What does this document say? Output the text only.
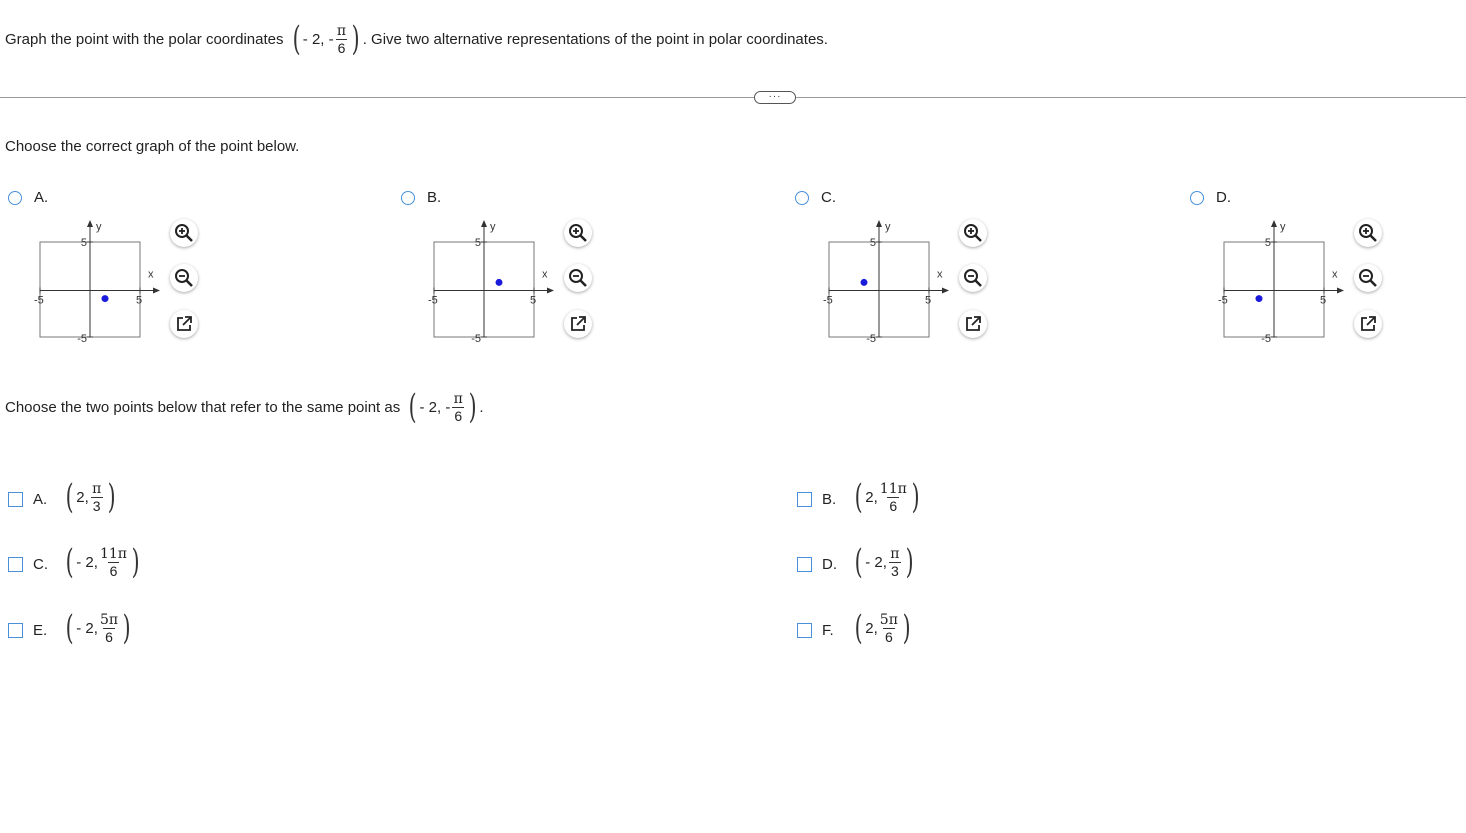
Graph the point with the polar coordinates ( - 2, - $\frac{\pi}{6}$ ) . Give two alternative representations of the point in polar coordinates.
···
Choose the correct graph of the point below.
A.
y
x
5
-5
-5	5
B.
y
x
5
-5
-5	5
C.
y
x
5
-5
-5	5
D.
y
x
5
-5
-5	5
Choose the two points below that refer to the same point as ( - 2, - $\frac{\pi}{6}$ ) .
A. ( 2, $\frac{\pi}{3}$ )	B. ( 2, $\frac{11\pi}{6}$ )
C. ( - 2, $\frac{11\pi}{6}$ )	D. ( - 2, $\frac{\pi}{3}$ )
E. ( - 2, $\frac{5\pi}{6}$ )	F. ( 2, $\frac{5\pi}{6}$ )
